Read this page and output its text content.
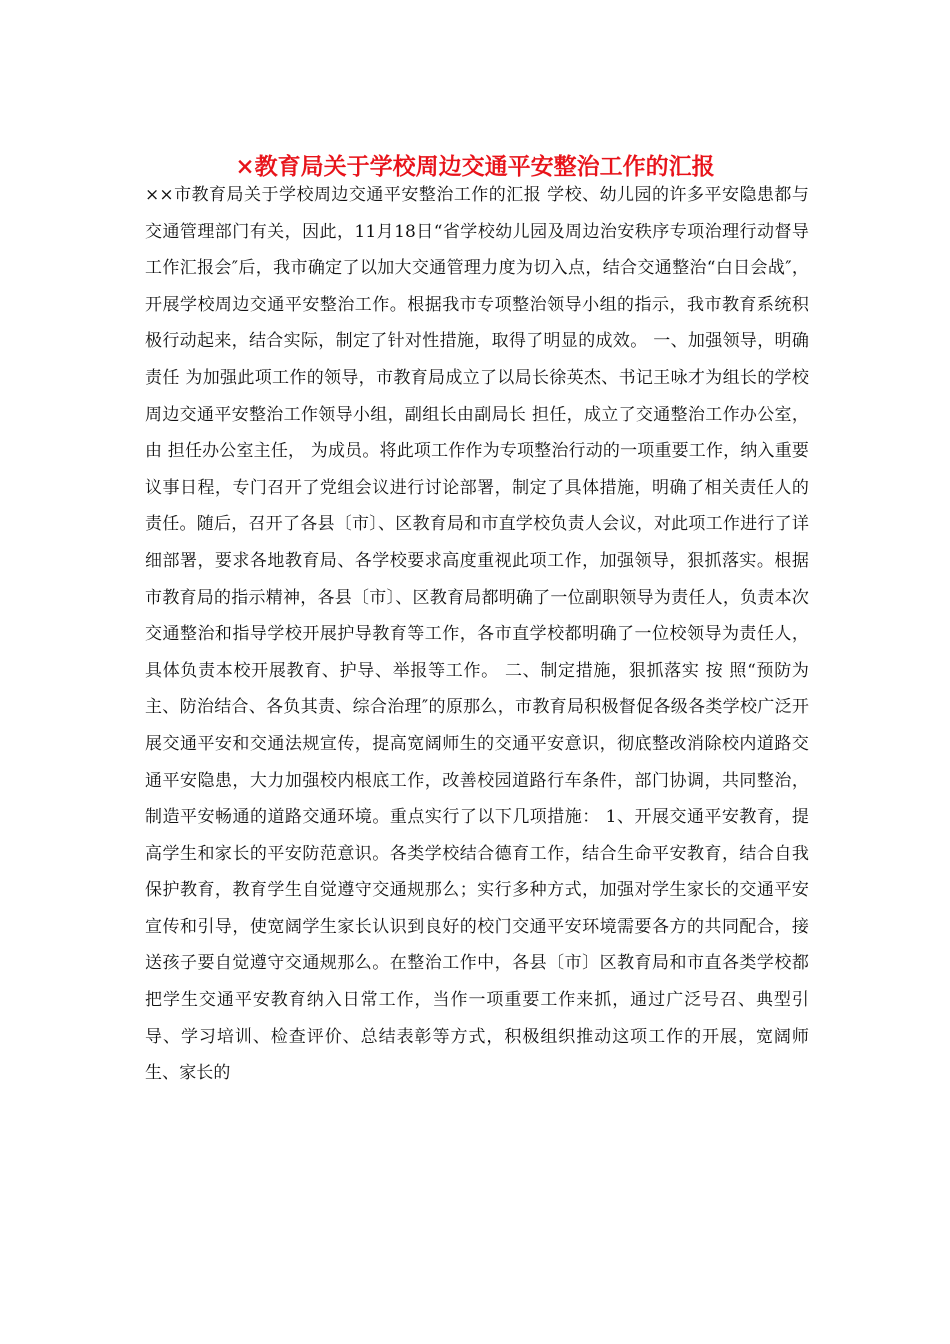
×教育局关于学校周边交通平安整治工作的汇报

××市教育局关于学校周边交通平安整治工作的汇报 学校、幼儿园的许多平安隐患都与交通管理部门有关，因此，11月18日“省学校幼儿园及周边治安秩序专项治理行动督导工作汇报会″后，我市确定了以加大交通管理力度为切入点，结合交通整治“白日会战″，开展学校周边交通平安整治工作。根据我市专项整治领导小组的指示，我市教育系统积极行动起来，结合实际，制定了针对性措施，取得了明显的成效。 一、加强领导，明确责任 为加强此项工作的领导，市教育局成立了以局长徐英杰、书记王咏才为组长的学校周边交通平安整治工作领导小组，副组长由副局长 担任，成立了交通整治工作办公室，由 担任办公室主任， 为成员。将此项工作作为专项整治行动的一项重要工作，纳入重要议事日程，专门召开了党组会议进行讨论部署，制定了具体措施，明确了相关责任人的责任。随后，召开了各县〔市〕、区教育局和市直学校负责人会议，对此项工作进行了详细部署，要求各地教育局、各学校要求高度重视此项工作，加强领导，狠抓落实。根据市教育局的指示精神，各县〔市〕、区教育局都明确了一位副职领导为责任人，负责本次交通整治和指导学校开展护导教育等工作，各市直学校都明确了一位校领导为责任人，具体负责本校开展教育、护导、举报等工作。 二、制定措施，狠抓落实 按 照“预防为主、防治结合、各负其责、综合治理″的原那么，市教育局积极督促各级各类学校广泛开展交通平安和交通法规宣传，提高宽阔师生的交通平安意识，彻底整改消除校内道路交通平安隐患，大力加强校内根底工作，改善校园道路行车条件，部门协调，共同整治，制造平安畅通的道路交通环境。重点实行了以下几项措施： 1、开展交通平安教育，提高学生和家长的平安防范意识。各类学校结合德育工作，结合生命平安教育，结合自我保护教育，教育学生自觉遵守交通规那么；实行多种方式，加强对学生家长的交通平安宣传和引导，使宽阔学生家长认识到良好的校门交通平安环境需要各方的共同配合，接送孩子要自觉遵守交通规那么。在整治工作中，各县〔市〕区教育局和市直各类学校都把学生交通平安教育纳入日常工作，当作一项重要工作来抓，通过广泛号召、典型引导、学习培训、检查评价、总结表彰等方式，积极组织推动这项工作的开展，宽阔师生、家长的
